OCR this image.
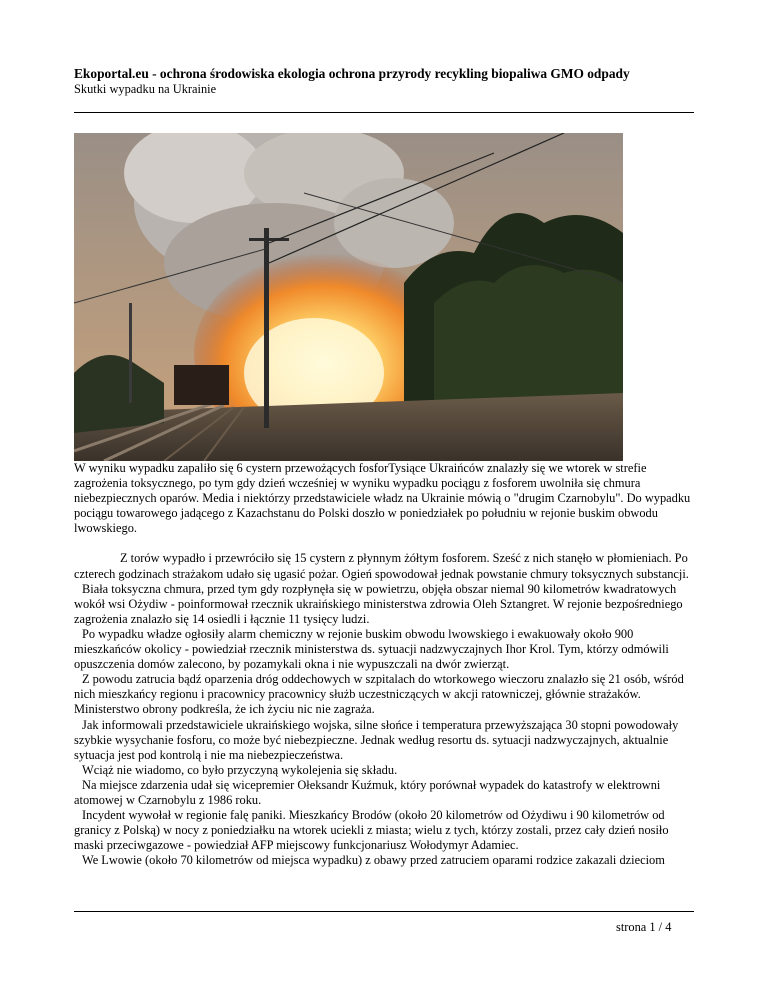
Ekoportal.eu - ochrona środowiska ekologia ochrona przyrody recykling biopaliwa GMO odpady
Skutki wypadku na Ukrainie

W wyniku wypadku zapaliło się 6 cystern przewożących fosforTysiące Ukraińców znalazły się we wtorek w strefie zagrożenia toksycznego, po tym gdy dzień wcześniej w wyniku wypadku pociągu z fosforem uwolniła się chmura niebezpiecznych oparów. Media i niektórzy przedstawiciele władz na Ukrainie mówią o "drugim Czarnobylu". Do wypadku pociągu towarowego jadącego z Kazachstanu do Polski doszło w poniedziałek po południu w rejonie buskim obwodu lwowskiego.

Z torów wypadło i przewróciło się 15 cystern z płynnym żółtym fosforem. Sześć z nich stanęło w płomieniach. Po czterech godzinach strażakom udało się ugasić pożar. Ogień spowodował jednak powstanie chmury toksycznych substancji.

Biała toksyczna chmura, przed tym gdy rozpłynęła się w powietrzu, objęła obszar niemal 90 kilometrów kwadratowych wokół wsi Ożydiw - poinformował rzecznik ukraińskiego ministerstwa zdrowia Oleh Sztangret. W rejonie bezpośredniego zagrożenia znalazło się 14 osiedli i łącznie 11 tysięcy ludzi.

Po wypadku władze ogłosiły alarm chemiczny w rejonie buskim obwodu lwowskiego i ewakuowały około 900 mieszkańców okolicy - powiedział rzecznik ministerstwa ds. sytuacji nadzwyczajnych Ihor Krol. Tym, którzy odmówili opuszczenia domów zalecono, by pozamykali okna i nie wypuszczali na dwór zwierząt.

Z powodu zatrucia bądź oparzenia dróg oddechowych w szpitalach do wtorkowego wieczoru znalazło się 21 osób, wśród nich mieszkańcy regionu i pracownicy pracownicy służb uczestniczących w akcji ratowniczej, głównie strażaków. Ministerstwo obrony podkreśla, że ich życiu nic nie zagraża.

Jak informowali przedstawiciele ukraińskiego wojska, silne słońce i temperatura przewyższająca 30 stopni powodowały szybkie wysychanie fosforu, co może być niebezpieczne. Jednak według resortu ds. sytuacji nadzwyczajnych, aktualnie sytuacja jest pod kontrolą i nie ma niebezpieczeństwa.

Wciąż nie wiadomo, co było przyczyną wykolejenia się składu.

Na miejsce zdarzenia udał się wicepremier Ołeksandr Kuźmuk, który porównał wypadek do katastrofy w elektrowni atomowej w Czarnobylu z 1986 roku.

Incydent wywołał w regionie falę paniki. Mieszkańcy Brodów (około 20 kilometrów od Ożydiwu i 90 kilometrów od granicy z Polską) w nocy z poniedziałku na wtorek uciekli z miasta; wielu z tych, którzy zostali, przez cały dzień nosiło maski przeciwgazowe - powiedział AFP miejscowy funkcjonariusz Wołodymyr Adamiec.

We Lwowie (około 70 kilometrów od miejsca wypadku) z obawy przed zatruciem oparami rodzice zakazali dzieciom

strona 1 / 4
